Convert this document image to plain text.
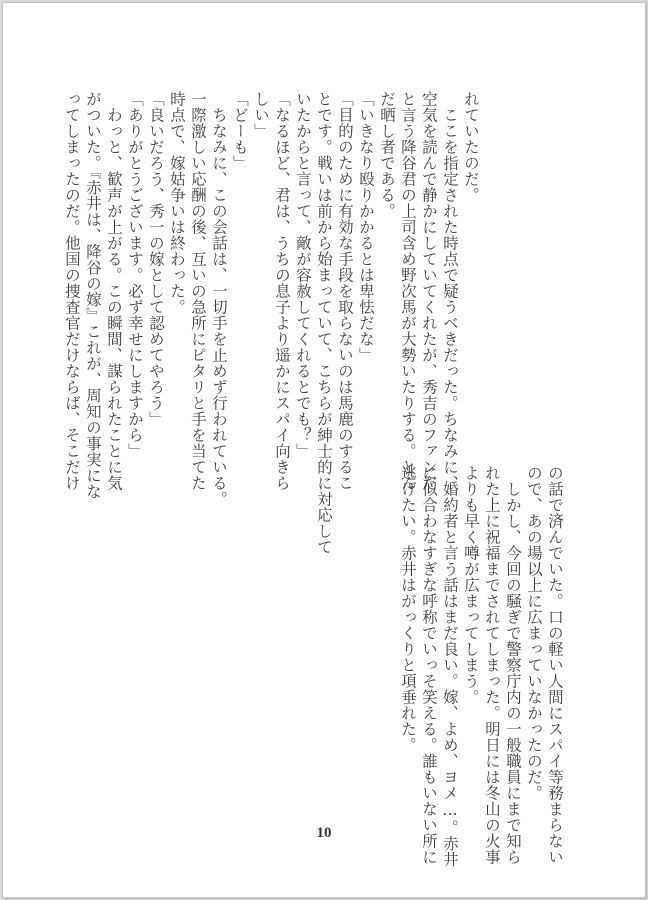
れていたのだ。
　ここを指定された時点で疑うべきだった。ちなみに、
空気を読んで静かにしていてくれたが、秀吉のファンだ
と言う降谷君の上司含め野次馬が大勢いたりする。とん
だ晒し者である。
「いきなり殴りかかるとは卑怯だな」
「目的のために有効な手段を取らないのは馬鹿のするこ
とです。戦いは前から始まっていて、こちらが紳士的に対応して
いたからと言って、敵が容赦してくれるとでも？」
「なるほど、君は、うちの息子より遥かにスパイ向きら
しい」
「どーも」
　ちなみに、この会話は、一切手を止めず行われている。
一際激しい応酬の後、互いの急所にピタリと手を当てた
時点で、嫁姑争いは終わった。
「良いだろう、秀一の嫁として認めてやろう」
「ありがとうございます。必ず幸せにしますから」
　わっと、歓声が上がる。この瞬間、謀られたことに気
がついた。『赤井は、降谷の嫁』これが、周知の事実にな
ってしまったのだ。他国の捜査官だけならば、そこだけ
の話で済んでいた。口の軽い人間にスパイ等務まらない
ので、あの場以上に広まっていなかったのだ。
　しかし、今回の騒ぎで警察庁内の一般職員にまで知ら
れた上に祝福までされてしまった。明日には冬山の火事
よりも早く噂が広まってしまう。
　婚約者と言う話はまだ良い。嫁、よめ、ヨメ…。赤井
に似合わなすぎな呼称でいっそ笑える。誰もいない所に
逃げたい。赤井はがっくりと項垂れた。
10
